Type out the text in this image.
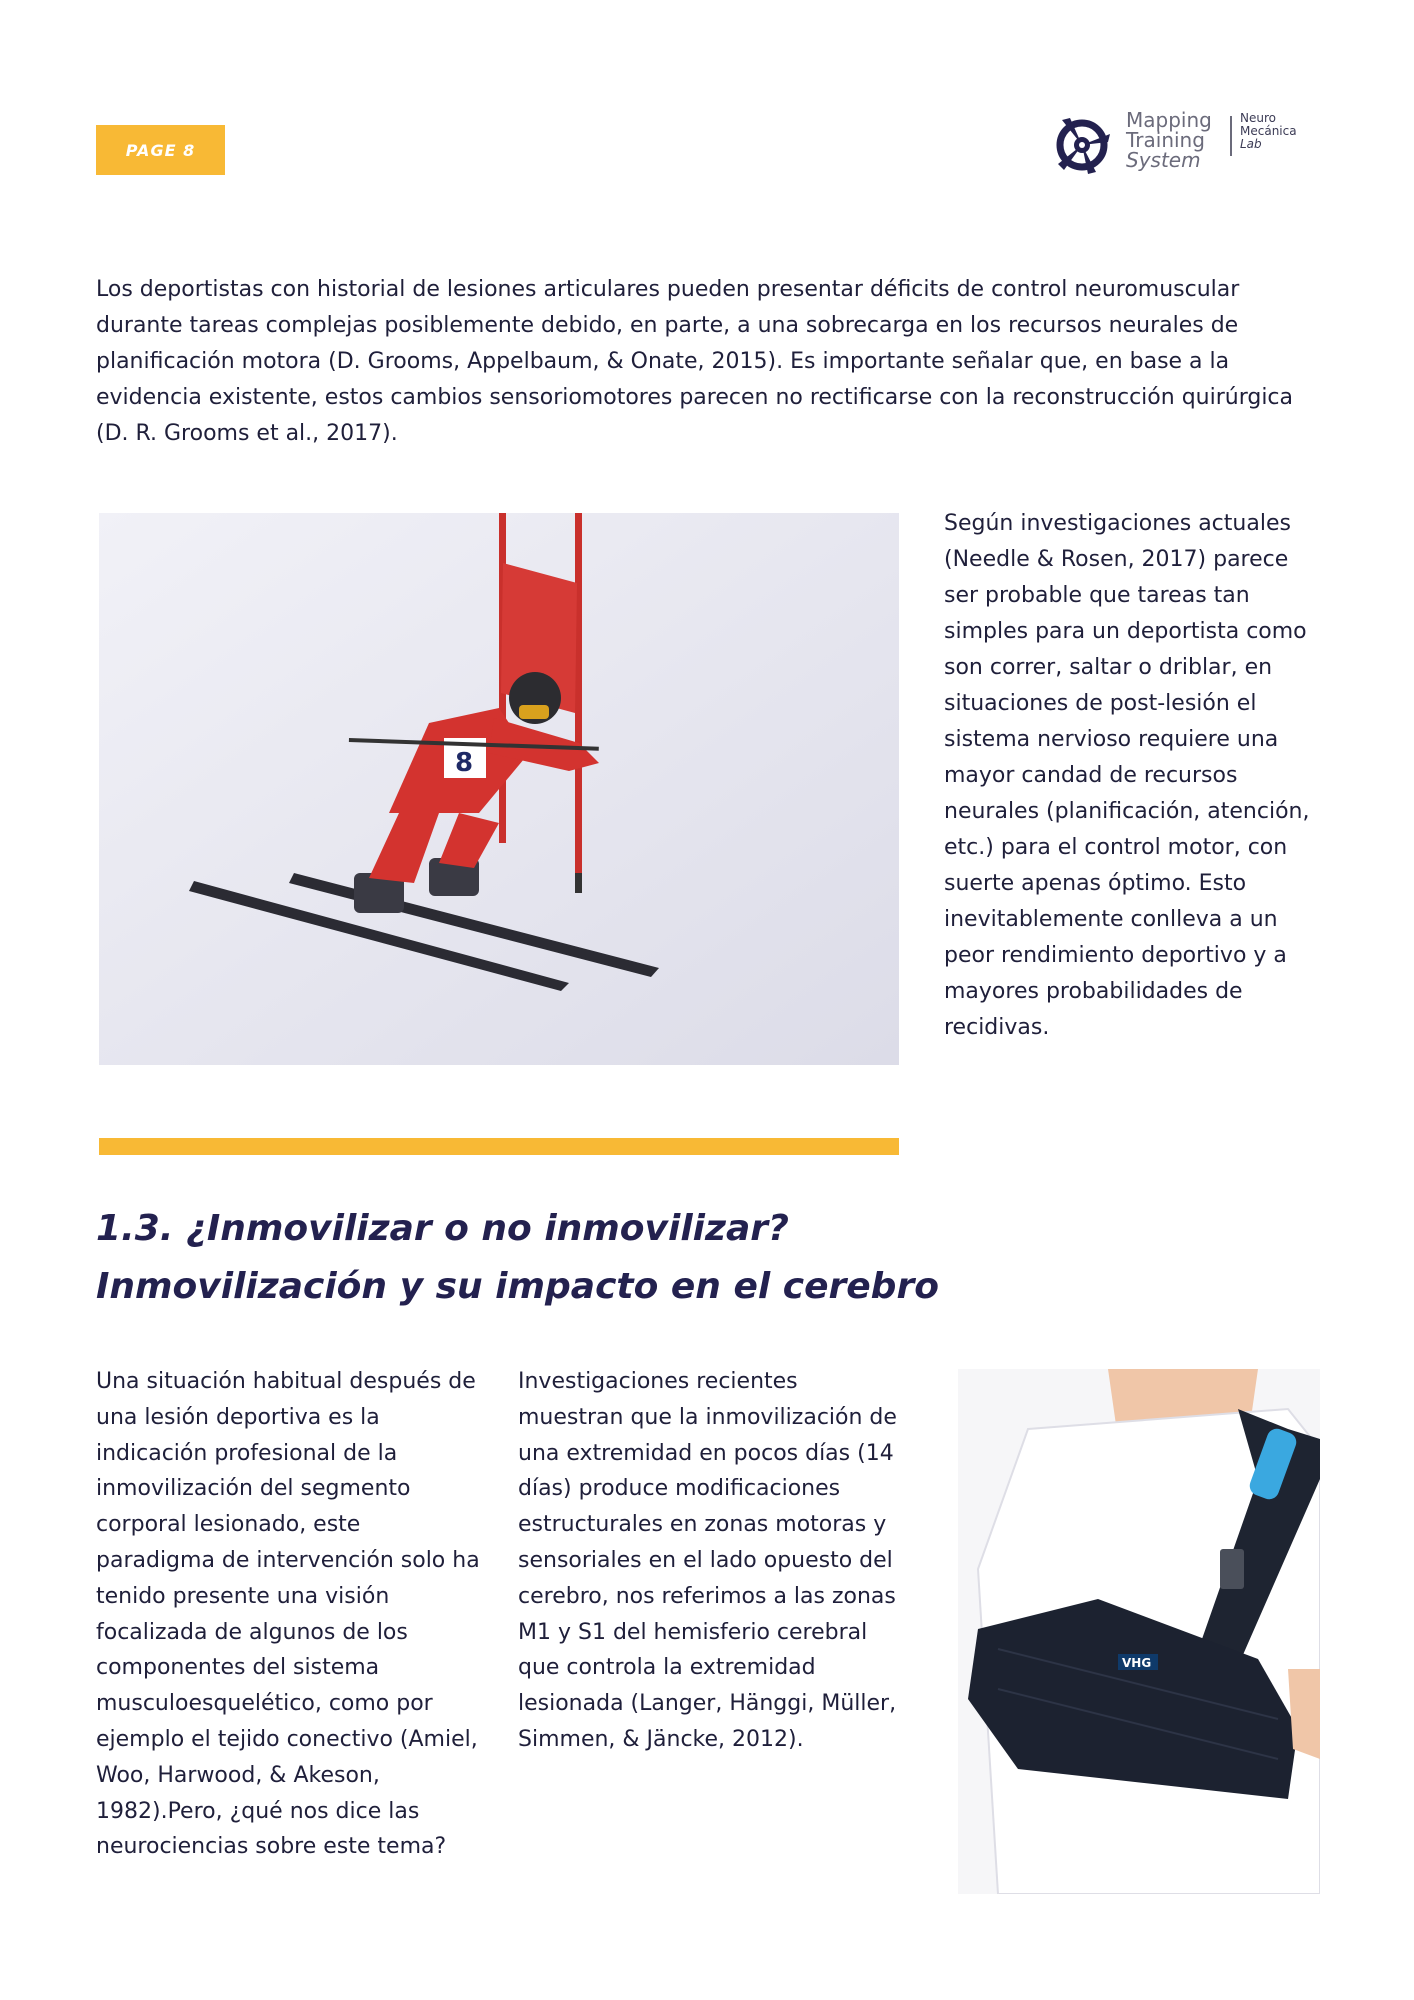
PAGE 8
Mapping
Training
System
Neuro
Mecánica
Lab

Los deportistas con historial de lesiones articulares pueden presentar déficits de control neuromuscular durante tareas complejas posiblemente debido, en parte, a una sobrecarga en los recursos neurales de planificación motora (D. Grooms, Appelbaum, & Onate, 2015). Es importante señalar que, en base a la evidencia existente, estos cambios sensoriomotores parecen no rectificarse con la reconstrucción quirúrgica (D. R. Grooms et al., 2017).

8

Según investigaciones actuales (Needle & Rosen, 2017) parece ser probable que tareas tan simples para un deportista como son correr, saltar o driblar, en situaciones de post-lesión el sistema nervioso requiere una mayor candad de recursos neurales (planificación, atención, etc.) para el control motor, con suerte apenas óptimo. Esto inevitablemente conlleva a un peor rendimiento deportivo y a mayores probabilidades de recidivas.

1.3. ¿Inmovilizar o no inmovilizar?
Inmovilización y su impacto en el cerebro

Una situación habitual después de una lesión deportiva es la indicación profesional de la inmovilización del segmento corporal lesionado, este paradigma de intervención solo ha tenido presente una visión focalizada de algunos de los componentes del sistema musculoesquelético, como por ejemplo el tejido conectivo (Amiel, Woo, Harwood, & Akeson, 1982).Pero, ¿qué nos dice las neurociencias sobre este tema?

Investigaciones recientes muestran que la inmovilización de una extremidad en pocos días (14 días) produce modificaciones estructurales en zonas motoras y sensoriales en el lado opuesto del cerebro, nos referimos a las zonas M1 y S1 del hemisferio cerebral que controla la extremidad lesionada (Langer, Hänggi, Müller, Simmen, & Jäncke, 2012).

VHG
